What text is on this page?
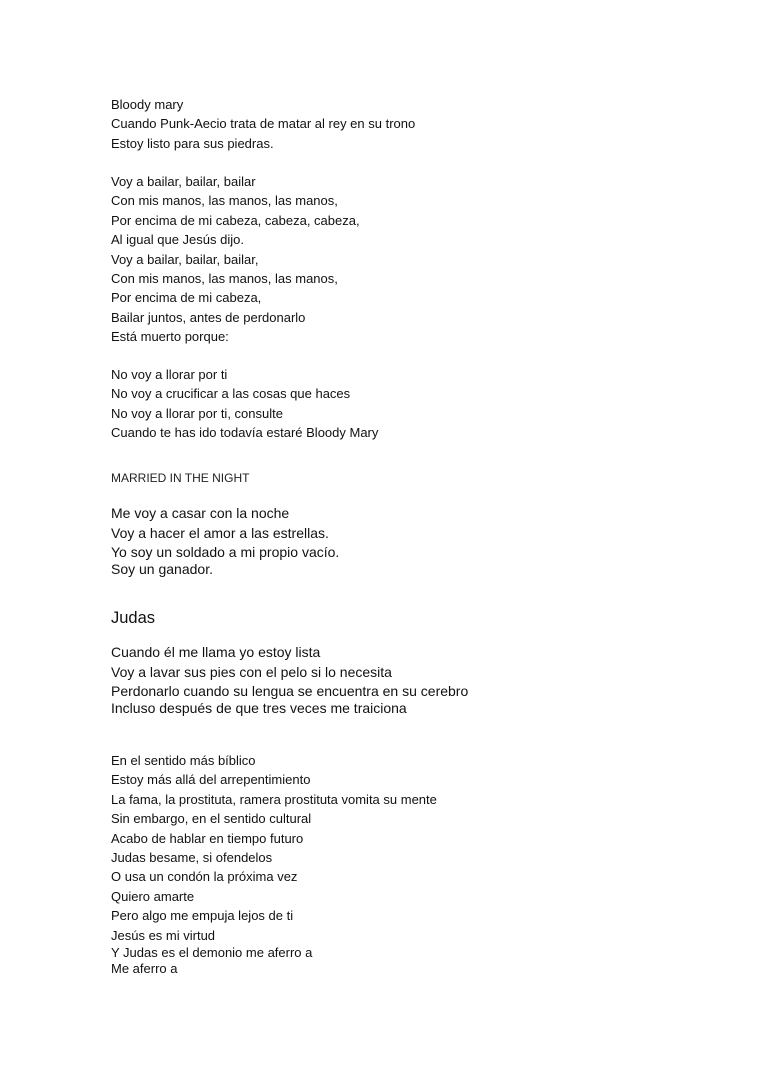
Bloody mary
Cuando Punk-Aecio trata de matar al rey en su trono
Estoy listo para sus piedras.
Voy a bailar, bailar, bailar
Con mis manos, las manos, las manos,
Por encima de mi cabeza, cabeza, cabeza,
Al igual que Jesús dijo.
Voy a bailar, bailar, bailar,
Con mis manos, las manos, las manos,
Por encima de mi cabeza,
Bailar juntos, antes de perdonarlo
Está muerto porque:
No voy a llorar por ti
No voy a crucificar a las cosas que haces
No voy a llorar por ti, consulte
Cuando te has ido todavía estaré Bloody Mary
MARRIED IN THE NIGHT
Me voy a casar con la noche
Voy a hacer el amor a las estrellas.
Yo soy un soldado a mi propio vacío.
Soy un ganador.
Judas
Cuando él me llama yo estoy lista
Voy a lavar sus pies con el pelo si lo necesita
Perdonarlo cuando su lengua se encuentra en su cerebro
Incluso después de que tres veces me traiciona
En el sentido más bíblico
Estoy más allá del arrepentimiento
La fama, la prostituta, ramera prostituta vomita su mente
Sin embargo, en el sentido cultural
Acabo de hablar en tiempo futuro
Judas besame, si ofendelos
O usa un condón la próxima vez
Quiero amarte
Pero algo me empuja lejos de ti
Jesús es mi virtud
Y Judas es el demonio me aferro a
Me aferro a
